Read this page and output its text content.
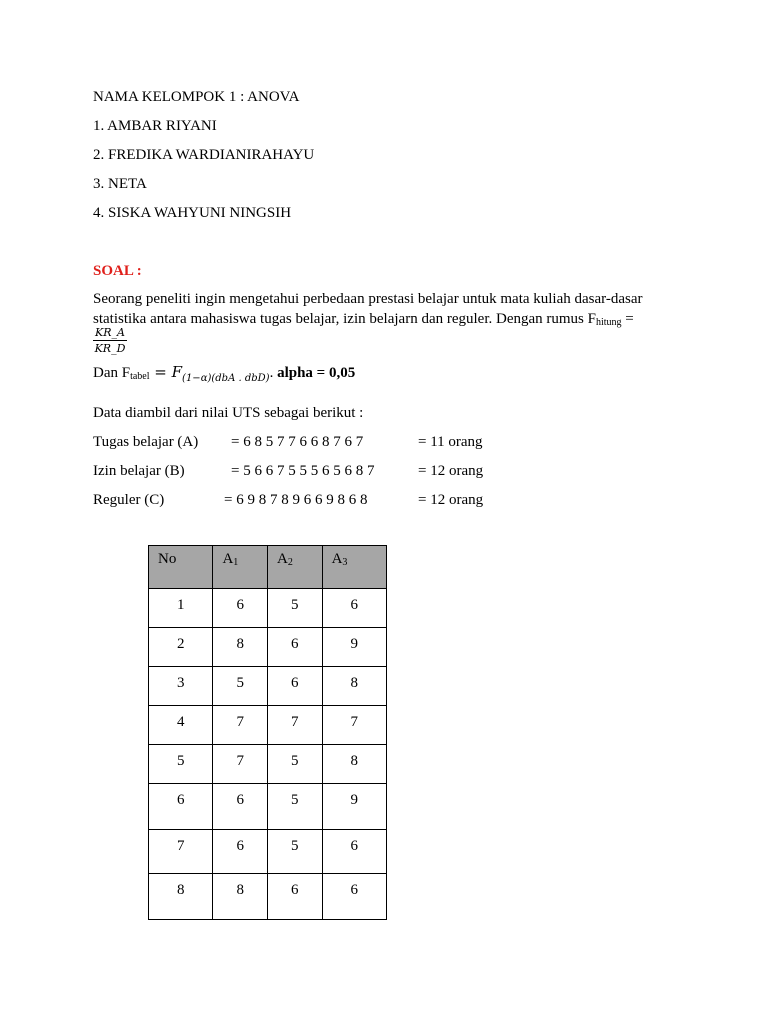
NAMA KELOMPOK 1 : ANOVA
1. AMBAR RIYANI
2. FREDIKA WARDIANIRAHAYU
3. NETA
4. SISKA WAHYUNI NINGSIH
SOAL :
Seorang peneliti ingin mengetahui perbedaan prestasi belajar untuk mata kuliah dasar-dasar
statistika antara mahasiswa tugas belajar, izin belajarn dan reguler. Dengan rumus $F_{hitung}$ =
$\frac{KR\_A}{KR\_D}$
Dan $F_{tabel} = F_{(1-\alpha)(dbA . dbD)}$. alpha = 0,05
Data diambil dari nilai UTS sebagai berikut :
Tugas belajar (A) = 6 8 5 7 7 6 6 8 7 6 7	= 11 orang
Izin belajar (B)	= 5 6 6 7 5 5 5 6 5 6 8 7	= 12 orang
Reguler (C)	= 6 9 8 7 8 9 6 6 9 8 6 8	= 12 orang
No	$A_1$	$A_2$	$A_3$
1	6	5	6
2	8	6	9
3	5	6	8
4	7	7	7
5	7	5	8
6	6	5	9
7	6	5	6
8	8	6	6
